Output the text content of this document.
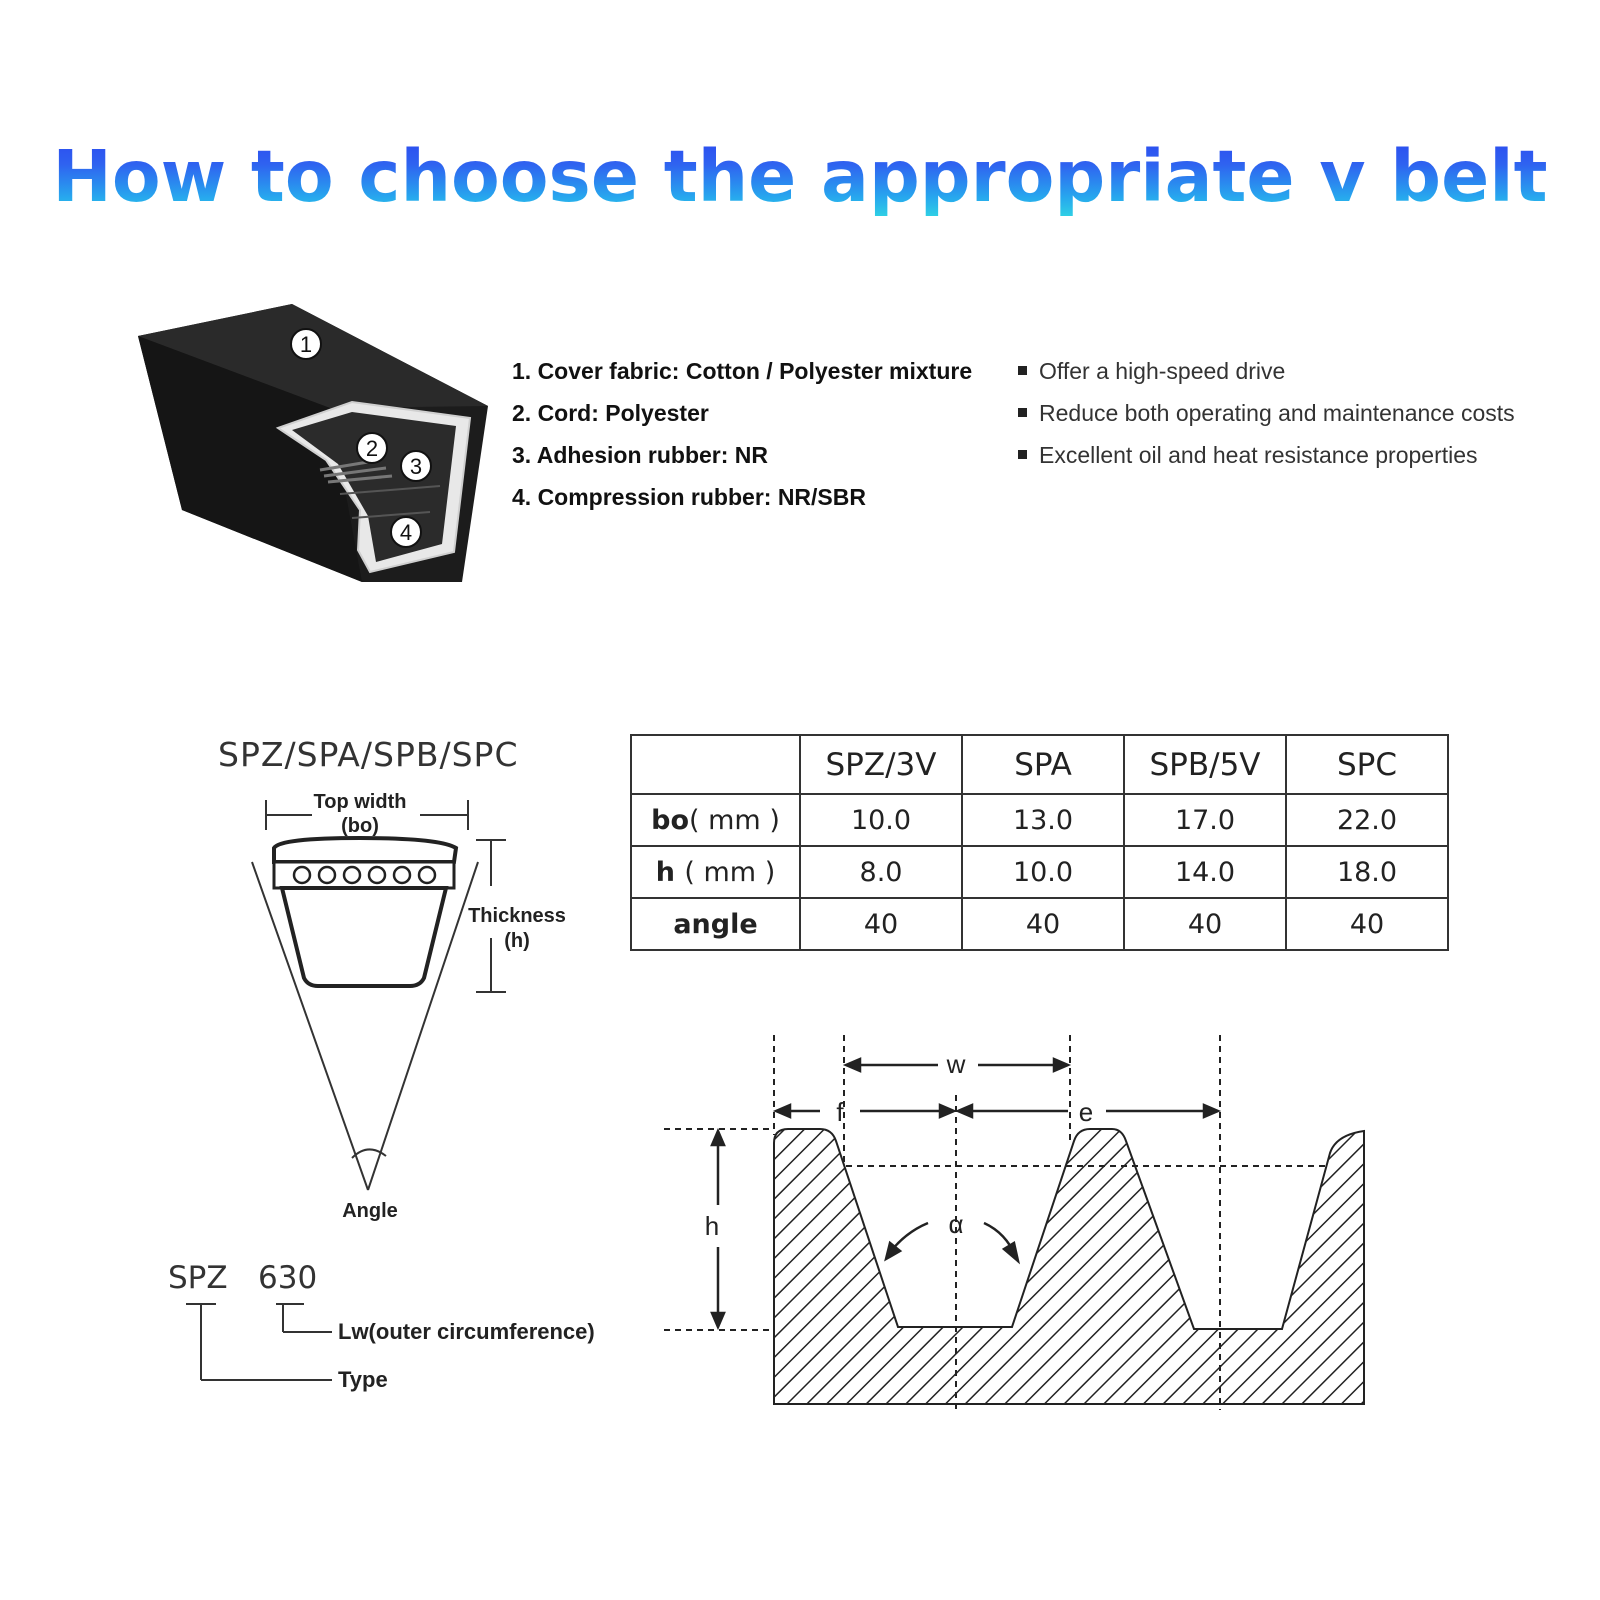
How to choose the appropriate v belt
1
2
3
4
1. Cover fabric: Cotton / Polyester mixture
2. Cord: Polyester
3. Adhesion rubber: NR
4. Compression rubber: NR/SBR
Offer a high-speed drive
Reduce both operating and maintenance costs
Excellent oil and heat resistance properties
SPZ/SPA/SPB/SPC
Top width
(bo)
Thickness
(h)
Angle
	SPZ/3V	SPA	SPB/5V	SPC
bo( mm )	10.0	13.0	17.0	22.0
h ( mm )	8.0	10.0	14.0	18.0
angle	40	40	40	40
SPZ 630
Lw(outer circumference)
Type
w
f	e
h	α
